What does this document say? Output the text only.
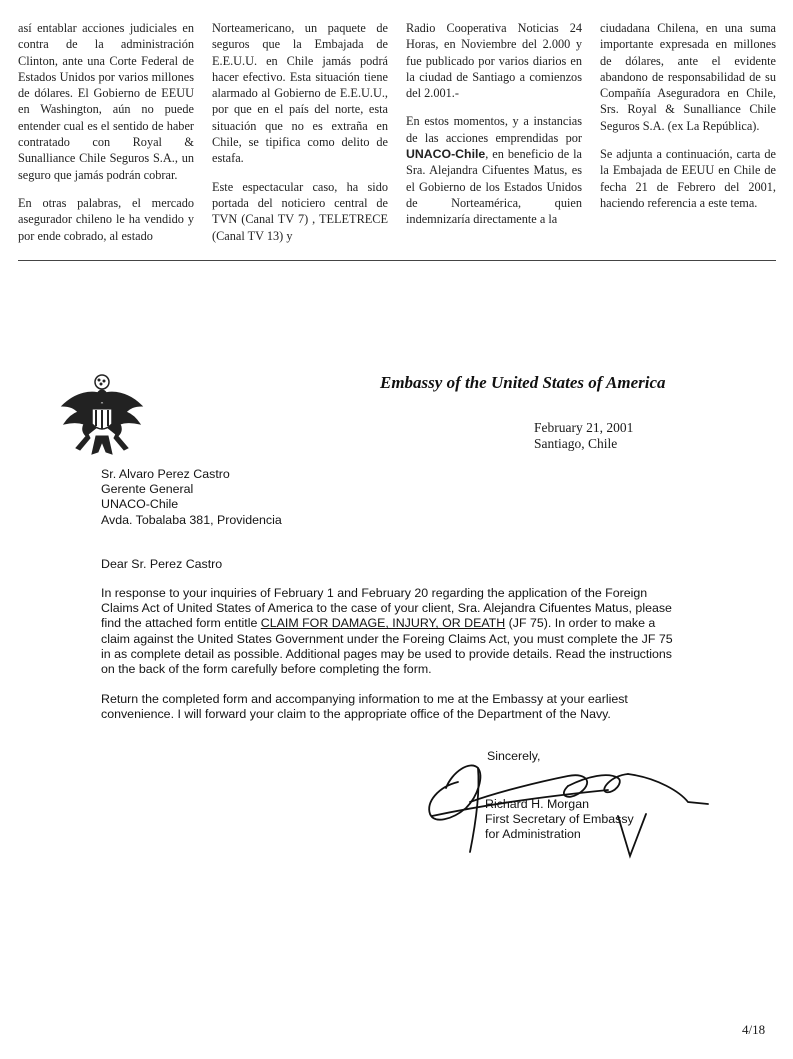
así entablar acciones judiciales en contra de la administración Clinton, ante una Corte Federal de Estados Unidos por varios millones de dólares. El Gobierno de EEUU en Washington, aún no puede entender cual es el sentido de haber contratado con Royal & Sunalliance Chile Seguros S.A., un seguro que jamás podrán cobrar.

En otras palabras, el mercado asegurador chileno le ha vendido y por ende cobrado, al estado

Norteamericano, un paquete de seguros que la Embajada de E.E.U.U. en Chile jamás podrá hacer efectivo. Esta situación tiene alarmado al Gobierno de E.E.U.U., por que en el país del norte, esta situación que no es extraña en Chile, se tipifica como delito de estafa.

Este espectacular caso, ha sido portada del noticiero central de TVN (Canal TV 7) , TELETRECE (Canal TV 13) y

Radio Cooperativa Noticias 24 Horas, en Noviembre del 2.000 y fue publicado por varios diarios en la ciudad de Santiago a comienzos del 2.001.-

En estos momentos, y a instancias de las acciones emprendidas por UNACO-Chile, en beneficio de la Sra. Alejandra Cifuentes Matus, es el Gobierno de los Estados Unidos de Norteamérica, quien indemnizaría directamente a la

ciudadana Chilena, en una suma importante expresada en millones de dólares, ante el evidente abandono de responsabilidad de su Compañía Aseguradora en Chile, Srs. Royal & Sunalliance Chile Seguros S.A. (ex La República).

Se adjunta a continuación, carta de la Embajada de EEUU en Chile de fecha 21 de Febrero del 2001, haciendo referencia a este tema.

Embassy of the United States of America
February 21, 2001
Santiago, Chile
Sr. Alvaro Perez Castro
Gerente General
UNACO-Chile
Avda. Tobalaba 381, Providencia
Dear Sr. Perez Castro

In response to your inquiries of February 1 and February 20 regarding the application of the Foreign Claims Act of United States of America to the case of your client, Sra. Alejandra Cifuentes Matus, please find the attached form entitle CLAIM FOR DAMAGE, INJURY, OR DEATH (JF 75). In order to make a claim against the United States Government under the Foreing Claims Act, you must complete the JF 75 in as complete detail as possible. Additional pages may be used to provide details. Read the instructions on the back of the form carefully before completing the form.

Return the completed form and accompanying information to me at the Embassy at your earliest convenience. I will forward your claim to the appropriate office of the Department of the Navy.

Sincerely,
Richard H. Morgan
First Secretary of Embassy
for Administration
4/18
